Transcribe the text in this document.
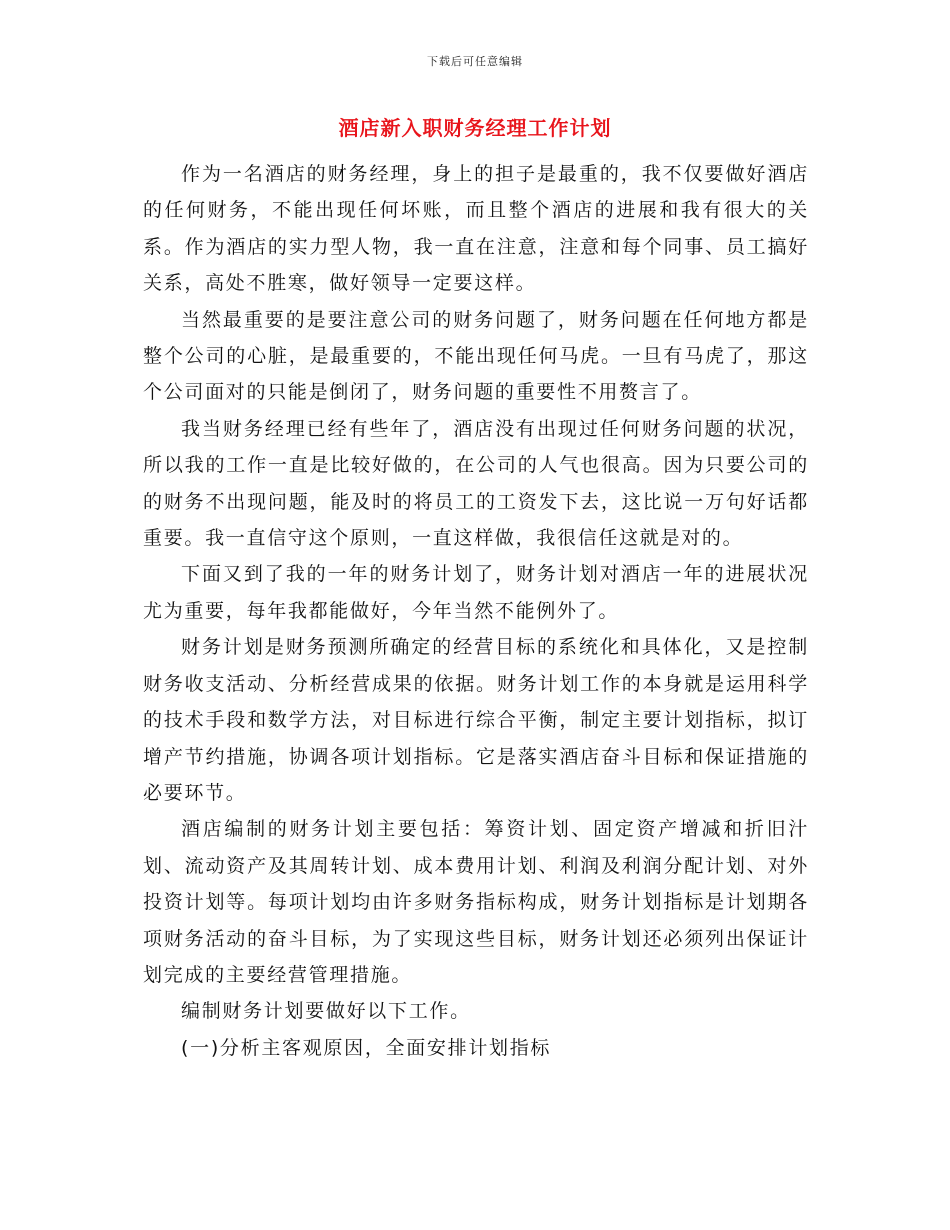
下载后可任意编辑
酒店新入职财务经理工作计划

作为一名酒店的财务经理，身上的担子是最重的，我不仅要做好酒店的任何财务，不能出现任何坏账，而且整个酒店的进展和我有很大的关系。作为酒店的实力型人物，我一直在注意，注意和每个同事、员工搞好关系，高处不胜寒，做好领导一定要这样。

当然最重要的是要注意公司的财务问题了，财务问题在任何地方都是整个公司的心脏，是最重要的，不能出现任何马虎。一旦有马虎了，那这个公司面对的只能是倒闭了，财务问题的重要性不用赘言了。

我当财务经理已经有些年了，酒店没有出现过任何财务问题的状况，所以我的工作一直是比较好做的，在公司的人气也很高。因为只要公司的的财务不出现问题，能及时的将员工的工资发下去，这比说一万句好话都重要。我一直信守这个原则，一直这样做，我很信任这就是对的。

下面又到了我的一年的财务计划了，财务计划对酒店一年的进展状况尤为重要，每年我都能做好，今年当然不能例外了。

财务计划是财务预测所确定的经营目标的系统化和具体化，又是控制财务收支活动、分析经营成果的依据。财务计划工作的本身就是运用科学的技术手段和数学方法，对目标进行综合平衡，制定主要计划指标，拟订增产节约措施，协调各项计划指标。它是落实酒店奋斗目标和保证措施的必要环节。

酒店编制的财务计划主要包括：筹资计划、固定资产增减和折旧汁划、流动资产及其周转计划、成本费用计划、利润及利润分配计划、对外投资计划等。每项计划均由许多财务指标构成，财务计划指标是计划期各项财务活动的奋斗目标，为了实现这些目标，财务计划还必须列出保证计划完成的主要经营管理措施。

编制财务计划要做好以下工作。

(一)分析主客观原因，全面安排计划指标
